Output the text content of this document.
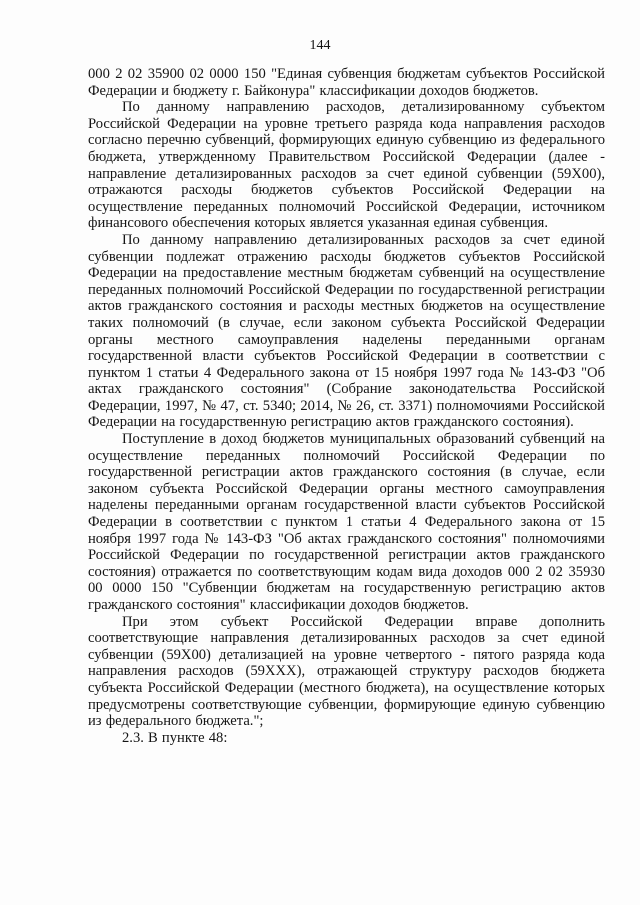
144

000 2 02 35900 02 0000 150 "Единая субвенция бюджетам субъектов Российской Федерации и бюджету г. Байконура" классификации доходов бюджетов.

По данному направлению расходов, детализированному субъектом Российской Федерации на уровне третьего разряда кода направления расходов согласно перечню субвенций, формирующих единую субвенцию из федерального бюджета, утвержденному Правительством Российской Федерации (далее - направление детализированных расходов за счет единой субвенции (59Х00), отражаются расходы бюджетов субъектов Российской Федерации на осуществление переданных полномочий Российской Федерации, источником финансового обеспечения которых является указанная единая субвенция.

По данному направлению детализированных расходов за счет единой субвенции подлежат отражению расходы бюджетов субъектов Российской Федерации на предоставление местным бюджетам субвенций на осуществление переданных полномочий Российской Федерации по государственной регистрации актов гражданского состояния и расходы местных бюджетов на осуществление таких полномочий (в случае, если законом субъекта Российской Федерации органы местного самоуправления наделены переданными органам государственной власти субъектов Российской Федерации в соответствии с пунктом 1 статьи 4 Федерального закона от 15 ноября 1997 года № 143-ФЗ "Об актах гражданского состояния" (Собрание законодательства Российской Федерации, 1997, № 47, ст. 5340; 2014, № 26, ст. 3371) полномочиями Российской Федерации на государственную регистрацию актов гражданского состояния).

Поступление в доход бюджетов муниципальных образований субвенций на осуществление переданных полномочий Российской Федерации по государственной регистрации актов гражданского состояния (в случае, если законом субъекта Российской Федерации органы местного самоуправления наделены переданными органам государственной власти субъектов Российской Федерации в соответствии с пунктом 1 статьи 4 Федерального закона от 15 ноября 1997 года № 143-ФЗ "Об актах гражданского состояния" полномочиями Российской Федерации по государственной регистрации актов гражданского состояния) отражается по соответствующим кодам вида доходов 000 2 02 35930 00 0000 150 "Субвенции бюджетам на государственную регистрацию актов гражданского состояния" классификации доходов бюджетов.

При этом субъект Российской Федерации вправе дополнить соответствующие направления детализированных расходов за счет единой субвенции (59Х00) детализацией на уровне четвертого - пятого разряда кода направления расходов (59ХХХ), отражающей структуру расходов бюджета субъекта Российской Федерации (местного бюджета), на осуществление которых предусмотрены соответствующие субвенции, формирующие единую субвенцию из федерального бюджета.";

2.3. В пункте 48:
